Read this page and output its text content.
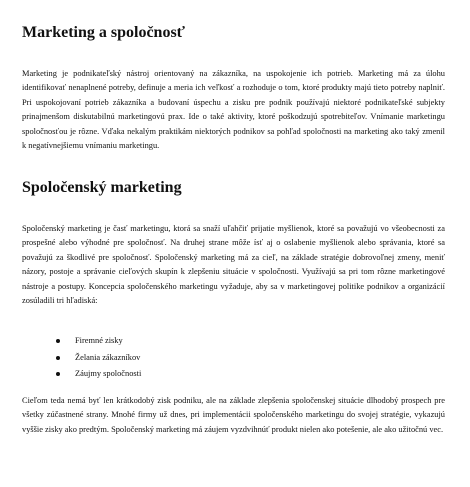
Marketing a spoločnosť

Marketing je podnikateľský nástroj orientovaný na zákazníka, na uspokojenie ich potrieb. Marketing má za úlohu identifikovať nenaplnené potreby, definuje a meria ich veľkosť a rozhoduje o tom, ktoré produkty majú tieto potreby naplniť. Pri uspokojovaní potrieb zákazníka a budovaní úspechu a zisku pre podnik používajú niektoré podnikateľské subjekty prinajmenšom diskutabilnú marketingovú prax. Ide o také aktivity, ktoré poškodzujú spotrebiteľov. Vnímanie marketingu spoločnosťou je rôzne. Vďaka nekalým praktikám niektorých podnikov sa pohľad spoločnosti na marketing ako taký zmenil k negatívnejšiemu vnímaniu marketingu.

Spoločenský marketing

Spoločenský marketing je časť marketingu, ktorá sa snaží uľahčiť prijatie myšlienok, ktoré sa považujú vo všeobecnosti za prospešné alebo výhodné pre spoločnosť. Na druhej strane môže ísť aj o oslabenie myšlienok alebo správania, ktoré sa považujú za škodlivé pre spoločnosť. Spoločenský marketing má za cieľ, na základe stratégie dobrovoľnej zmeny, meniť názory, postoje a správanie cieľových skupín k zlepšeniu situácie v spoločnosti. Využívajú sa pri tom rôzne marketingové nástroje a postupy. Koncepcia spoločenského marketingu vyžaduje, aby sa v marketingovej politike podnikov a organizácií zosúladili tri hľadiská:

Firemné zisky
Želania zákazníkov
Záujmy spoločnosti

Cieľom teda nemá byť len krátkodobý zisk podniku, ale na základe zlepšenia spoločenskej situácie dlhodobý prospech pre všetky zúčastnené strany. Mnohé firmy už dnes, pri implementácii spoločenského marketingu do svojej stratégie, vykazujú vyššie zisky ako predtým. Spoločenský marketing má záujem vyzdvihnúť produkt nielen ako potešenie, ale ako užitočnú vec.
